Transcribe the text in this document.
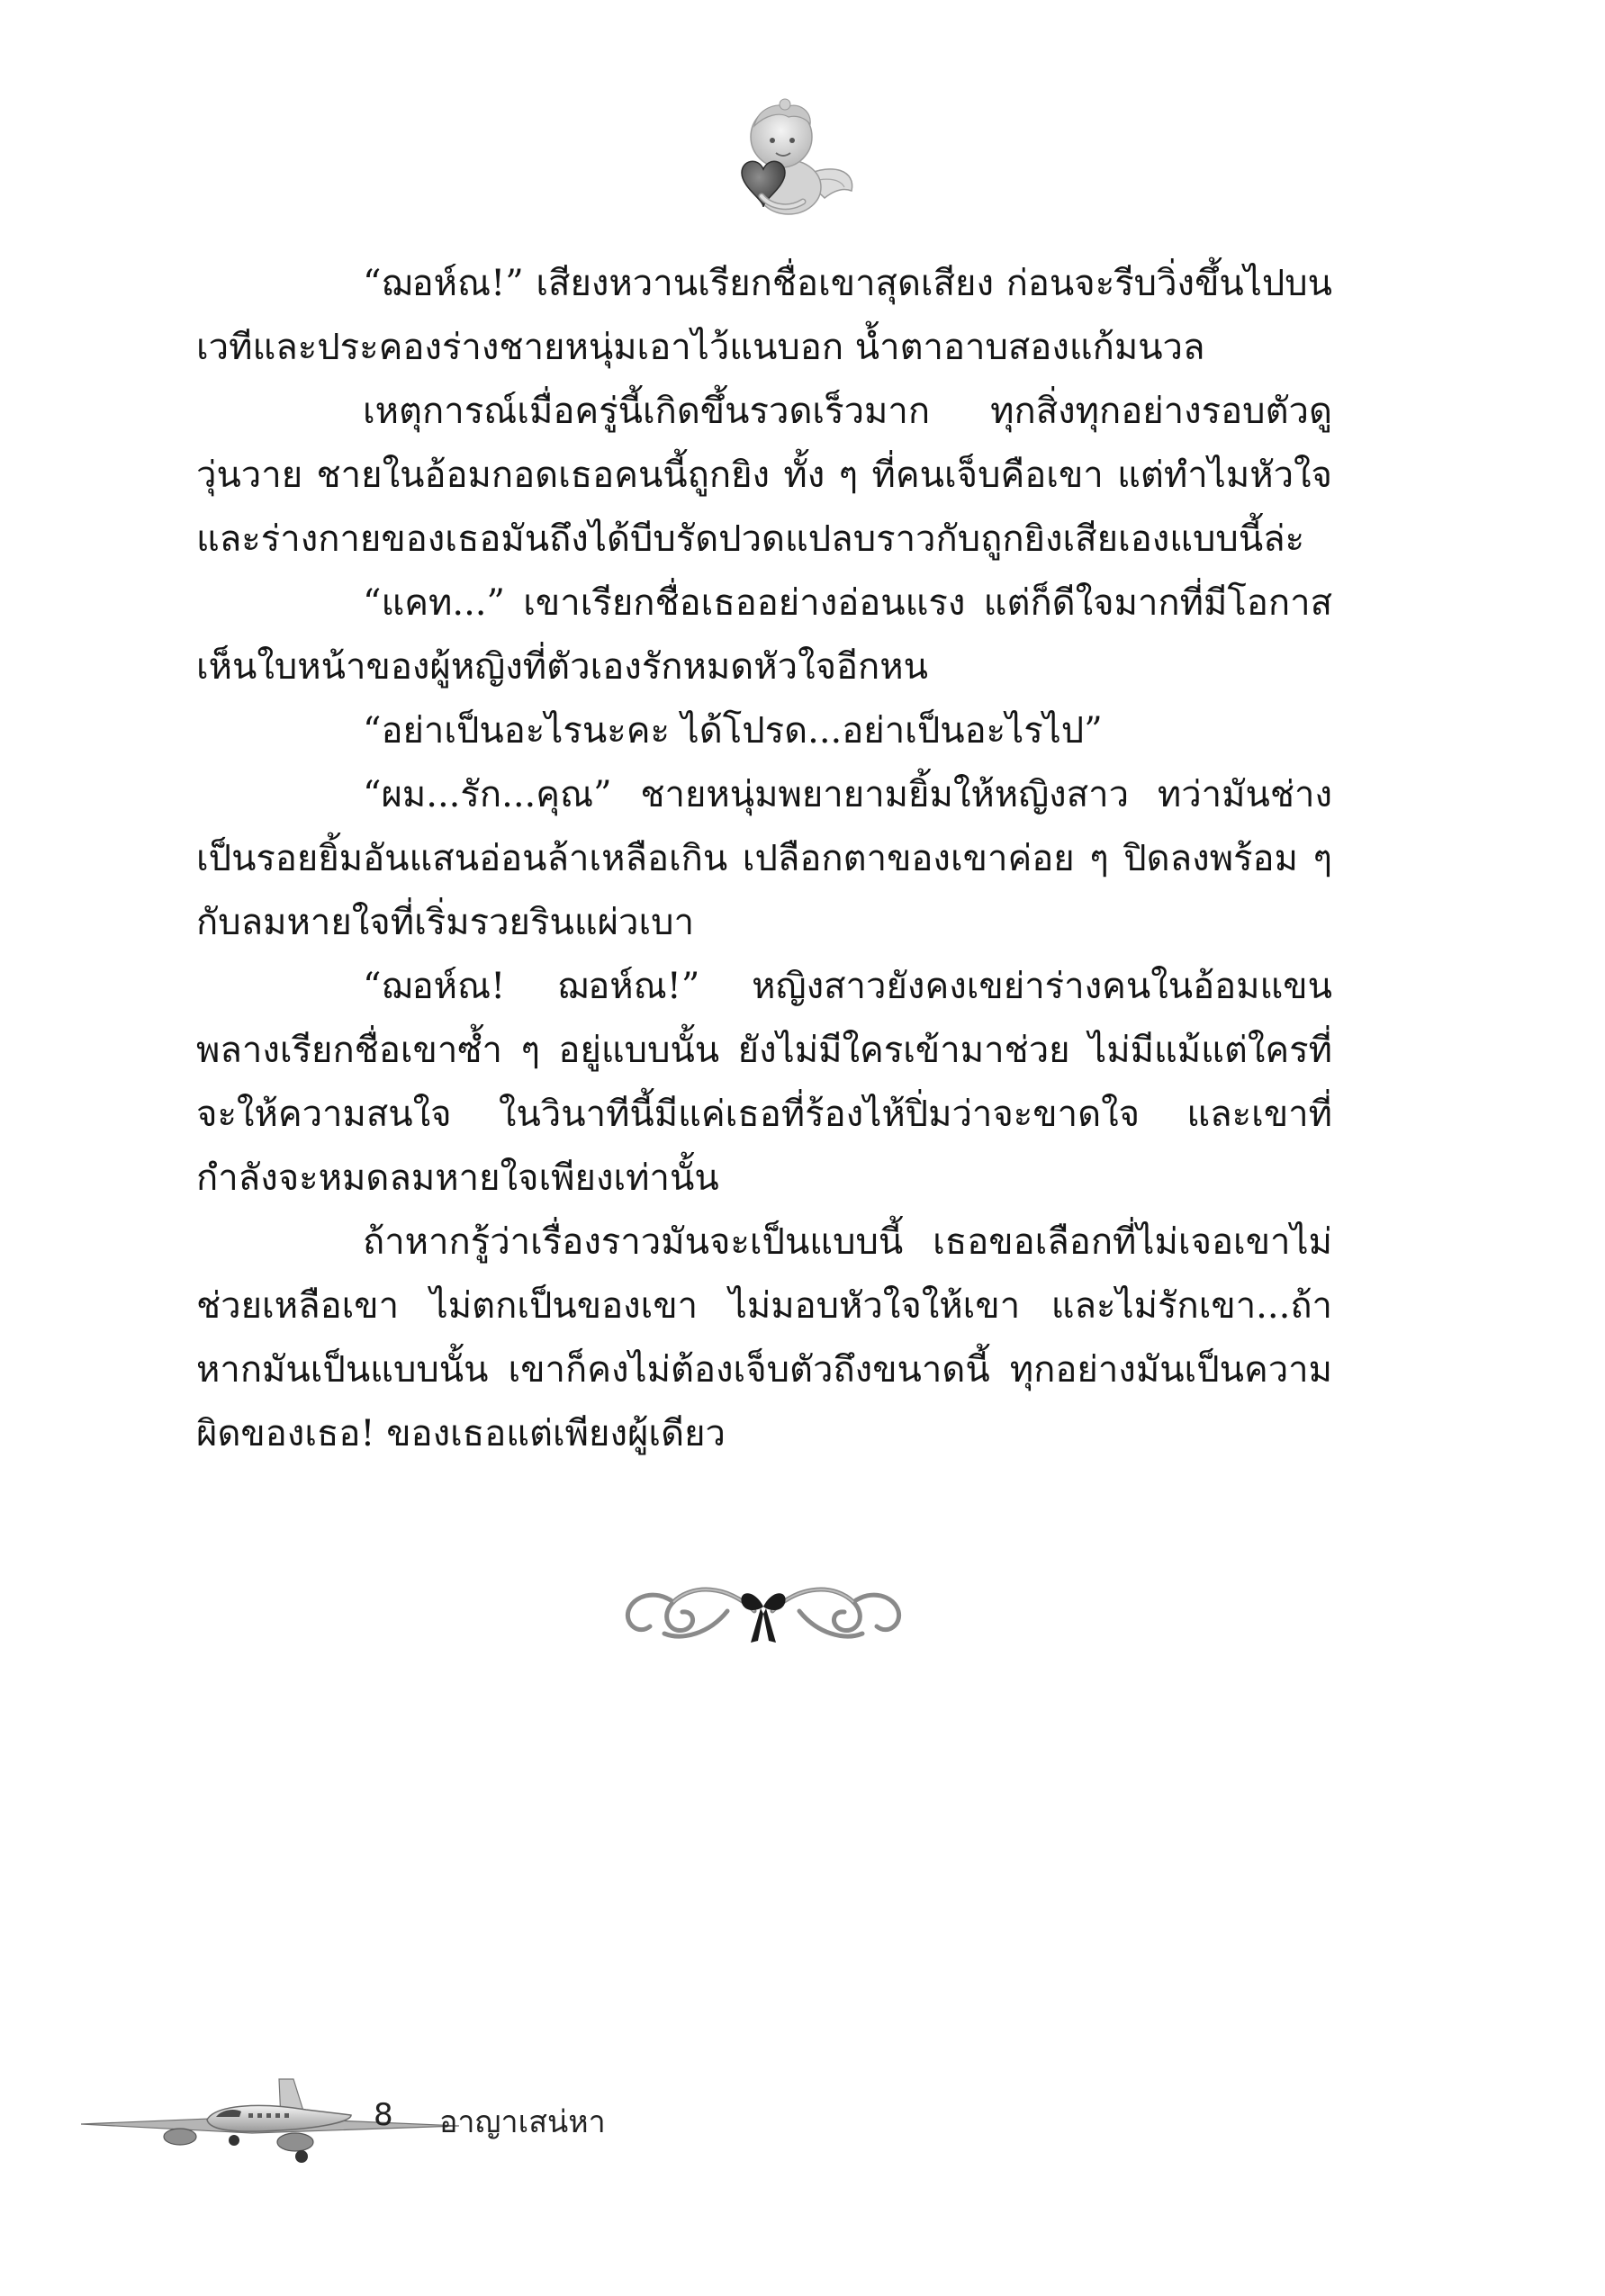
“ฌอห์ณ!” เสียงหวานเรียกชื่อเขาสุดเสียง ก่อนจะรีบวิ่งขึ้นไปบนเวทีและประคองร่างชายหนุ่มเอาไว้แนบอก น้ำตาอาบสองแก้มนวล

เหตุการณ์เมื่อครู่นี้เกิดขึ้นรวดเร็วมาก ทุกสิ่งทุกอย่างรอบตัวดูวุ่นวาย ชายในอ้อมกอดเธอคนนี้ถูกยิง ทั้ง ๆ ที่คนเจ็บคือเขา แต่ทำไมหัวใจและร่างกายของเธอมันถึงได้บีบรัดปวดแปลบราวกับถูกยิงเสียเองแบบนี้ล่ะ

“แคท...” เขาเรียกชื่อเธออย่างอ่อนแรง แต่ก็ดีใจมากที่มีโอกาสเห็นใบหน้าของผู้หญิงที่ตัวเองรักหมดหัวใจอีกหน

“อย่าเป็นอะไรนะคะ ได้โปรด...อย่าเป็นอะไรไป”

“ผม...รัก...คุณ” ชายหนุ่มพยายามยิ้มให้หญิงสาว ทว่ามันช่างเป็นรอยยิ้มอันแสนอ่อนล้าเหลือเกิน เปลือกตาของเขาค่อย ๆ ปิดลงพร้อม ๆ กับลมหายใจที่เริ่มรวยรินแผ่วเบา

“ฌอห์ณ! ฌอห์ณ!” หญิงสาวยังคงเขย่าร่างคนในอ้อมแขนพลางเรียกชื่อเขาซ้ำ ๆ อยู่แบบนั้น ยังไม่มีใครเข้ามาช่วย ไม่มีแม้แต่ใครที่จะให้ความสนใจ ในวินาทีนี้มีแค่เธอที่ร้องไห้ปิ่มว่าจะขาดใจ และเขาที่กำลังจะหมดลมหายใจเพียงเท่านั้น

ถ้าหากรู้ว่าเรื่องราวมันจะเป็นแบบนี้ เธอขอเลือกที่ไม่เจอเขาไม่ช่วยเหลือเขา ไม่ตกเป็นของเขา ไม่มอบหัวใจให้เขา และไม่รักเขา...ถ้าหากมันเป็นแบบนั้น เขาก็คงไม่ต้องเจ็บตัวถึงขนาดนี้ ทุกอย่างมันเป็นความผิดของเธอ! ของเธอแต่เพียงผู้เดียว

8 อาญาเสน่หา
